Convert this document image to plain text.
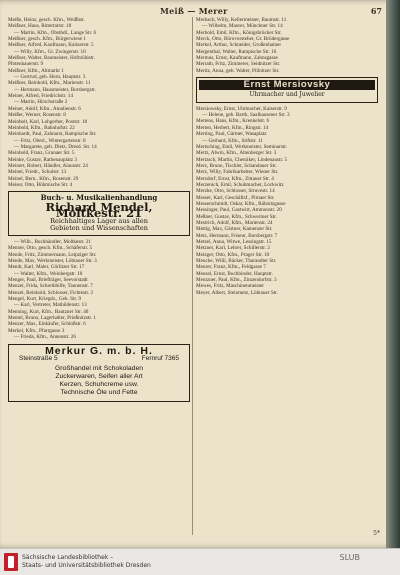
Meiß — Merer	67
Meiße, Heinz, gesch. Kfm., Weißhst.
Meißner, Haus, Rittertarstr. 18
— Martin, Kfm., Obsthdl., Lange Str. 6
Meißner, gesch. Kfm., Bürgerwiese 1
Meißner, Alfred, Kaufmann, Kaitzerstr. 5
— Willy, Kfm., Gr. Zwingerstr. 10
Meißner, Walter, Baumeister, Hofmühlstr.
Pfotenhauerstr. 9
Meißner, Kfm., Altmarkt 1
— Gertrud, geb. Horn, Hauptstr. 3
Meißner, Reinhold, Kfm., Marienstr. 11
— Hermann, Hausmeister, Borsbergstr.
Meiner, Alfred, Friedrichstr. 14
— Martin, Hirschstraße 2
Meiner, Adolf, Kfm., Amalienstr. 6
Meißer, Werner, Rosenstr. 8
Meinbolt, Karl, Lohgerber, Poststr. 18
Meinbold, Kfm., Bahnhofstr. 22
Meinhardt, Paul, Zahnarzt, Rampische Str.
— Fritz, Oberl., Wintergartenstr. 8
— Margarete, geb. Dietz, Dresd. Str. 14
Meinhold, Franz, Grunaer Str. 5
Meinke, Gustav, Rathenauplatz 3
Meinert, Robert, Händler, Alaunstr. 24
Meinel, Friedr., Schulstr. 13
Meinel, Bern., Kfm., Rosenstr. 29
Meiser, Otto, Böhmische Str. 4
Buch- u. Musikalienhandlung
Richard Mendel, Moltkestr. 21
Reichhaltiges Lager aus allen
Gebieten und Wissenschaften
— Wilh., Buchhändler, Moltkestr. 21
Menner, Otto, gesch. Kfm., Schäferstr. 5
Mende, Fritz, Zimmermann, Leipziger Str.
Mende, Max, Werkmeister, Löbtauer Str. 3
Mendt, Karl, Maler, Görlitzer Str. 17
— Walter, Kfm., Weinbergstr. 10
Menger, Paul, Briefträger, Seevorstadt
Menzel, Frida, Schreibhilfe, Tannenstr. 7
Menzel, Reinhold, Schlosser, Fichtestr. 2
Mengel, Kurt, Kriegsb., Geh. Str. 9
— Karl, Vertreter, Mathildenstr. 13
Menning, Kurt, Kfm., Bautzner Str. 40
Mentel, Bruno, Lagerhalter, Prießnitzstr. 1
Menzer, Max, Einkäufer, Schloßstr. 6
Merkel, Kfm., Pfarrgasse 3
— Frieda, Kfm., Annenstr. 26
Merkur G. m. b. H.
Steinstraße 5	Fernruf 7365
Großhandel mit Schokoladen
Zuckerwaren, Seifen aller Art
Kerzen, Schuhcreme usw.
Technische Öle und Fette
Merbach, Willy, Kellermeister, Baumstr. 11
— Wilhelm, Maurer, Münchner Str. 14
Merbold, Emil, Kfm., Königsbrücker Str.
Merck, Otto, Bürovorsteher, Gr. Brüdergasse
Merkel, Arthur, Schneider, Großenhainer
Mergenthal, Walter, Rampische Str. 16
Mermus, Ernst, Kaufmann, Zahnsgasse
Merrath, Fritz, Zimmerer, Seidnitzer Str.
Meritz, Anna, geb. Walter, Pillnitzer Str.
Ernst Mersiovsky
Uhrmacher und Juwelier
Mersiowsky, Ernst, Uhrmacher, Kaiserstr. 9
— Helene, geb. Barth, Saalhausener Str. 3
Mertens, Hans, Kfm., Krenkelstr. 6
Merten, Herbert, Kfm., Ringstr. 14
Merting, Paul, Gärtner, Wasaplatz
— Gerhard, Kfm., Stiftstr. 11
Mertsching, Emil, Werkmeister, Seminarstr.
Mertz, Alwin, Kfm., Altenberger Str. 3
Mertzsch, Martin, Chemiker, Lindenaustr. 5
Merz, Bruno, Tischler, Schandauer Str.
Merz, Willy, Fabrikarbeiter, Wiener Str.
Merzdorf, Ernst, Kfm., Zittauer Str. 4
Merzenich, Emil, Schuhmacher, Lockwitz
Merzke, Otto, Schlosser, Struvestr. 14
Messer, Karl, Geschäftsf., Pirnaer Str.
Messerschmidt, Oskar, Kfm., Rähnitzgasse
Messinger, Paul, Gastwirt, Ammonstr. 20
Meßner, Gustav, Kfm., Schweriner Str.
Mestrich, Adolf, Kfm., Marienstr. 24
Mettig, Max, Gärtner, Kamenzer Str.
Metz, Hermann, Friseur, Borsbergstr. 7
Metzel, Anna, Witwe, Lessingstr. 15
Metzner, Karl, Lehrer, Schillerstr. 2
Metzger, Otto, Kfm., Prager Str. 10
Meuche, Willi, Bäcker, Tharandter Str.
Meurer, Franz, Kfm., Feldgasse 7
Meusel, Ernst, Buchbinder, Hauptstr.
Meutzner, Paul, Kfm., Zinzendorfstr. 3
Mewes, Fritz, Maschinenmeister
Meyer, Albert, Steinmetz, Löbtauer Str.
5*
Sächsische Landesbibliothek –
Staats- und Universitätsbibliothek Dresden
SLUB
